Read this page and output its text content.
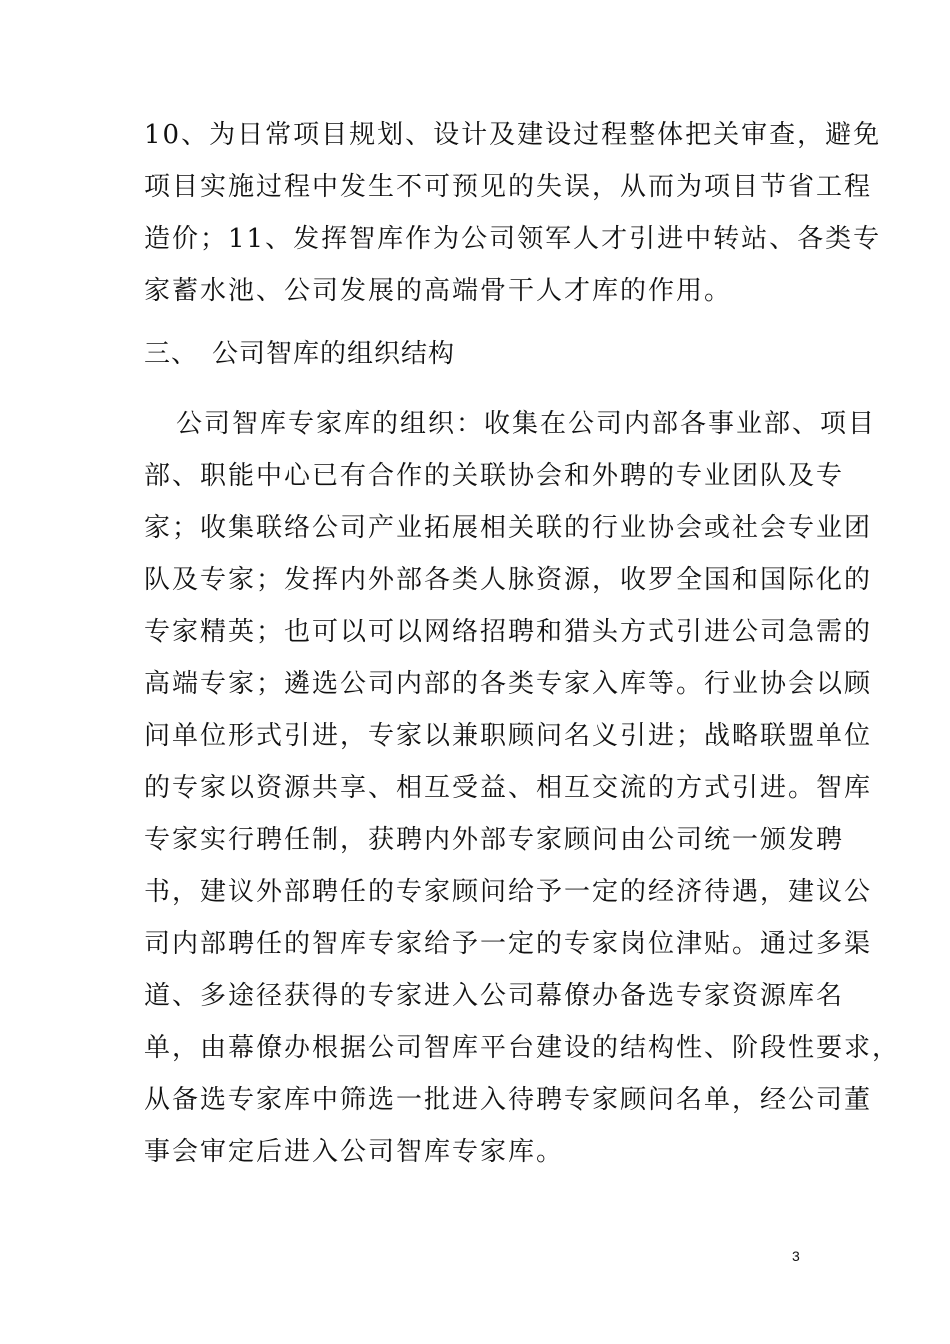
10、为日常项目规划、设计及建设过程整体把关审查，避免
项目实施过程中发生不可预见的失误，从而为项目节省工程
造价；11、发挥智库作为公司领军人才引进中转站、各类专
家蓄水池、公司发展的高端骨干人才库的作用。
三、 公司智库的组织结构
公司智库专家库的组织：收集在公司内部各事业部、项目
部、职能中心已有合作的关联协会和外聘的专业团队及专
家；收集联络公司产业拓展相关联的行业协会或社会专业团
队及专家；发挥内外部各类人脉资源，收罗全国和国际化的
专家精英；也可以可以网络招聘和猎头方式引进公司急需的
高端专家；遴选公司内部的各类专家入库等。行业协会以顾
问单位形式引进，专家以兼职顾问名义引进；战略联盟单位
的专家以资源共享、相互受益、相互交流的方式引进。智库
专家实行聘任制，获聘内外部专家顾问由公司统一颁发聘
书，建议外部聘任的专家顾问给予一定的经济待遇，建议公
司内部聘任的智库专家给予一定的专家岗位津贴。通过多渠
道、多途径获得的专家进入公司幕僚办备选专家资源库名
单，由幕僚办根据公司智库平台建设的结构性、阶段性要求，
从备选专家库中筛选一批进入待聘专家顾问名单，经公司董
事会审定后进入公司智库专家库。
3
